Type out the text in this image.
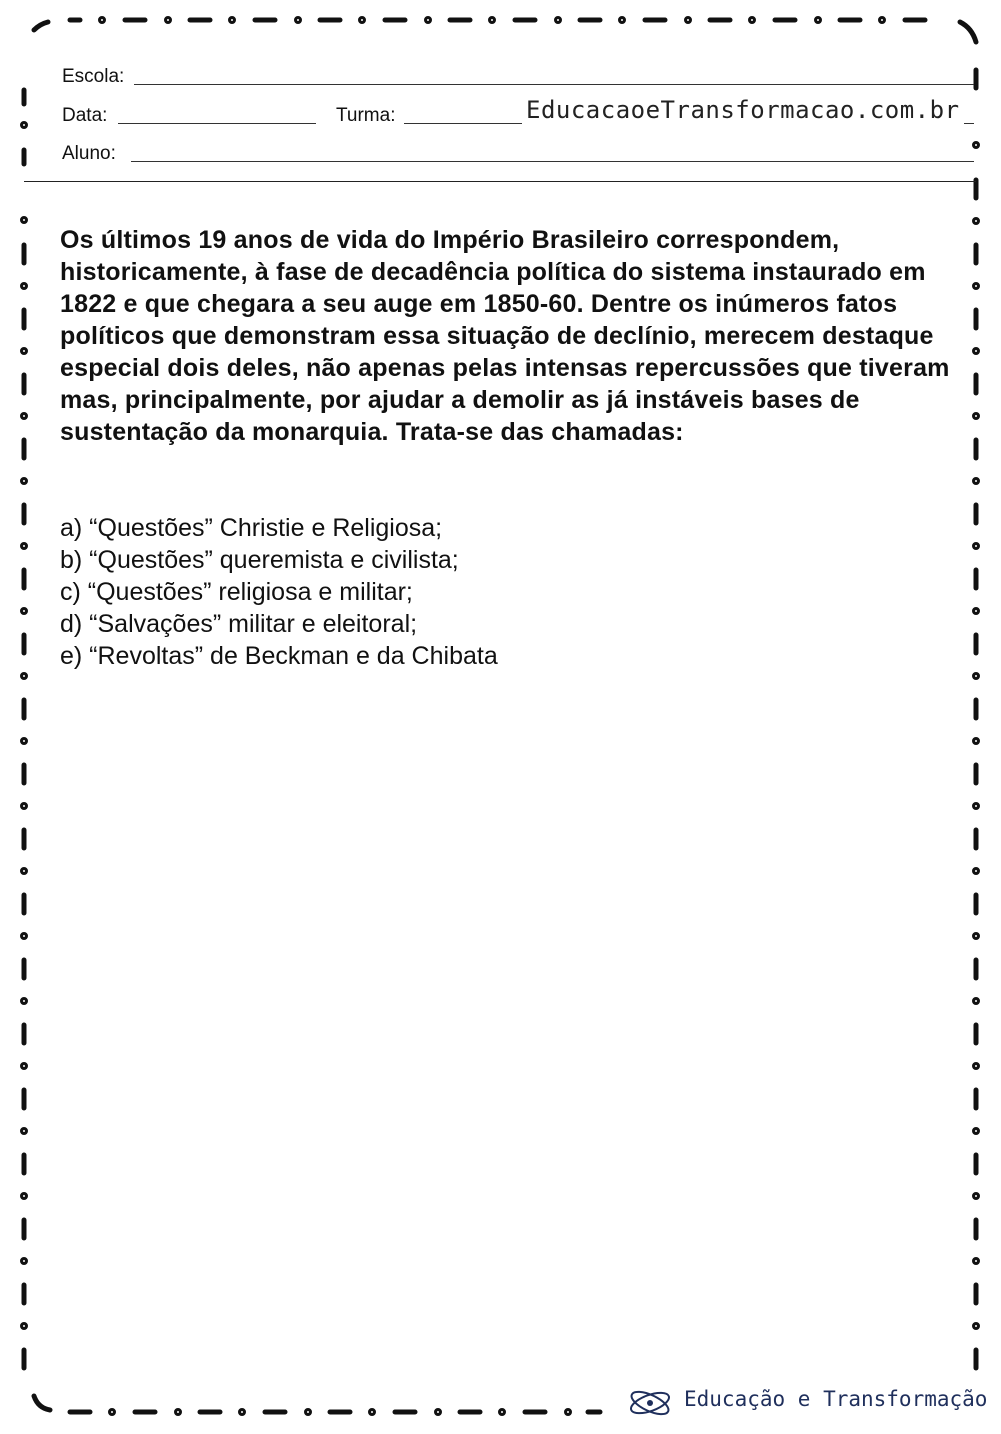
Escola:
Data:	Turma:	EducacaoeTransformacao.com.br
Aluno:

Os últimos 19 anos de vida do Império Brasileiro correspondem, historicamente, à fase de decadência política do sistema instaurado em 1822 e que chegara a seu auge em 1850-60. Dentre os inúmeros fatos políticos que demonstram essa situação de declínio, merecem destaque especial dois deles, não apenas pelas intensas repercussões que tiveram mas, principalmente, por ajudar a demolir as já instáveis bases de sustentação da monarquia. Trata-se das chamadas:

a) “Questões” Christie e Religiosa;
b) “Questões” queremista e civilista;
c) “Questões” religiosa e militar;
d) “Salvações” militar e eleitoral;
e) “Revoltas” de Beckman e da Chibata
Educação e Transformação
